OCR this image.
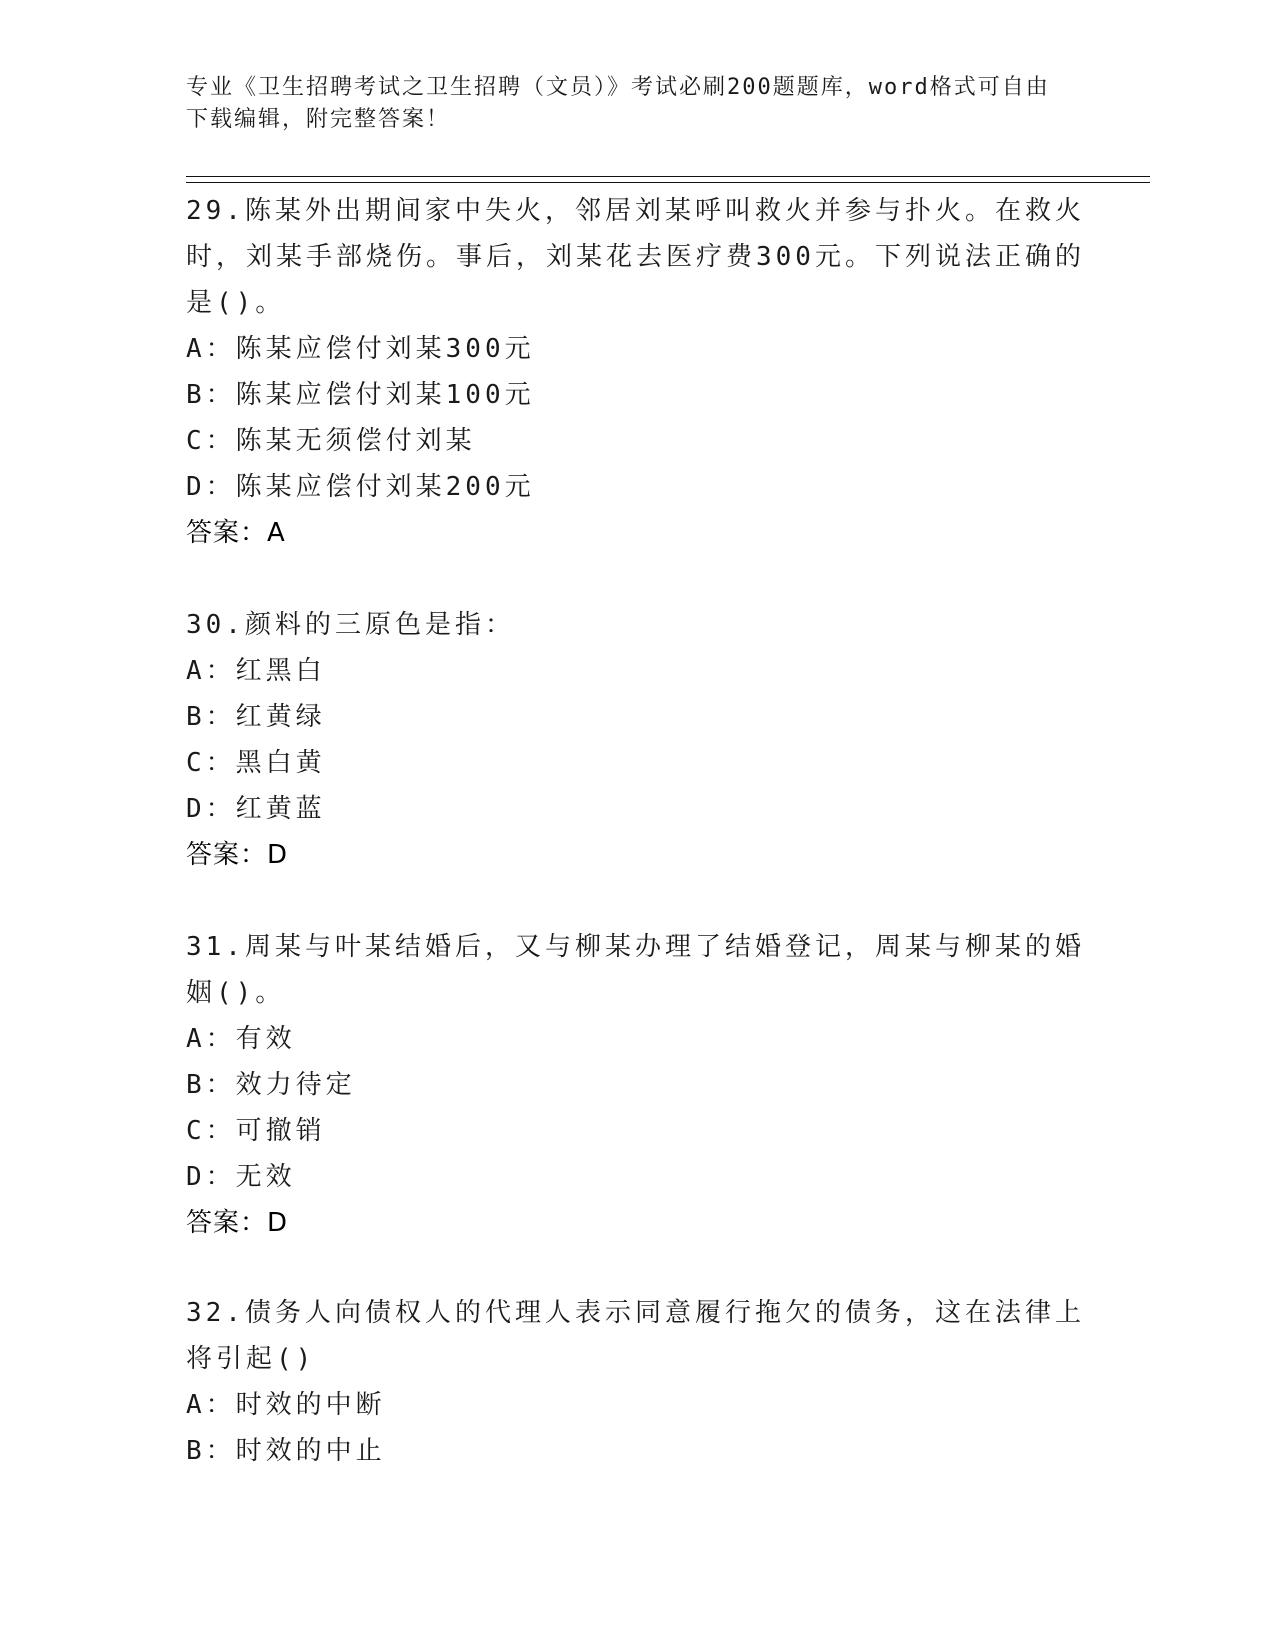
专业《卫生招聘考试之卫生招聘（文员）》考试必刷200题题库，word格式可自由下载编辑，附完整答案！
29.陈某外出期间家中失火，邻居刘某呼叫救火并参与扑火。在救火时，刘某手部烧伤。事后，刘某花去医疗费300元。下列说法正确的是()。
A：陈某应偿付刘某300元
B：陈某应偿付刘某100元
C：陈某无须偿付刘某
D：陈某应偿付刘某200元
答案：A
30.颜料的三原色是指：
A：红黑白
B：红黄绿
C：黑白黄
D：红黄蓝
答案：D
31.周某与叶某结婚后，又与柳某办理了结婚登记，周某与柳某的婚姻()。
A：有效
B：效力待定
C：可撤销
D：无效
答案：D
32.债务人向债权人的代理人表示同意履行拖欠的债务，这在法律上将引起()
A：时效的中断
B：时效的中止
